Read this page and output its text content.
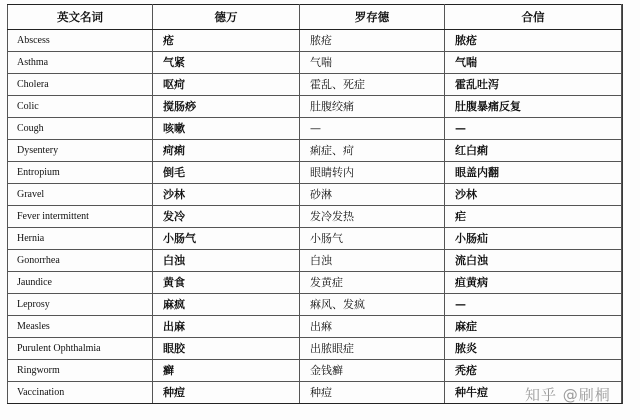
英文名词	德万	罗存德	合信
Abscess	疮	脓疮	脓疮
Asthma	气紧	气喘	气喘
Cholera	呕疴	霍乱、死症	霍乱吐泻
Colic	搅肠痧	肚腹绞痛	肚腹暴痛反复
Cough	咳嗽	—	—
Dysentery	疴痢	痢症、疴	红白痢
Entropium	倒毛	眼睛转内	眼盖内翻
Gravel	沙林	砂淋	沙林
Fever intermittent	发冷	发冷发热	疟
Hernia	小肠气	小肠气	小肠疝
Gonorrhea	白浊	白浊	流白浊
Jaundice	黄食	发黄症	疸黄病
Leprosy	麻疯	痳风、发疯	—
Measles	出麻	出痳	麻症
Purulent Ophthalmia	眼胶	出脓眼症	脓炎
Ringworm	癣	金钱癣	秃疮
Vaccination	种痘	种痘	种牛痘 知乎 @刷桐
